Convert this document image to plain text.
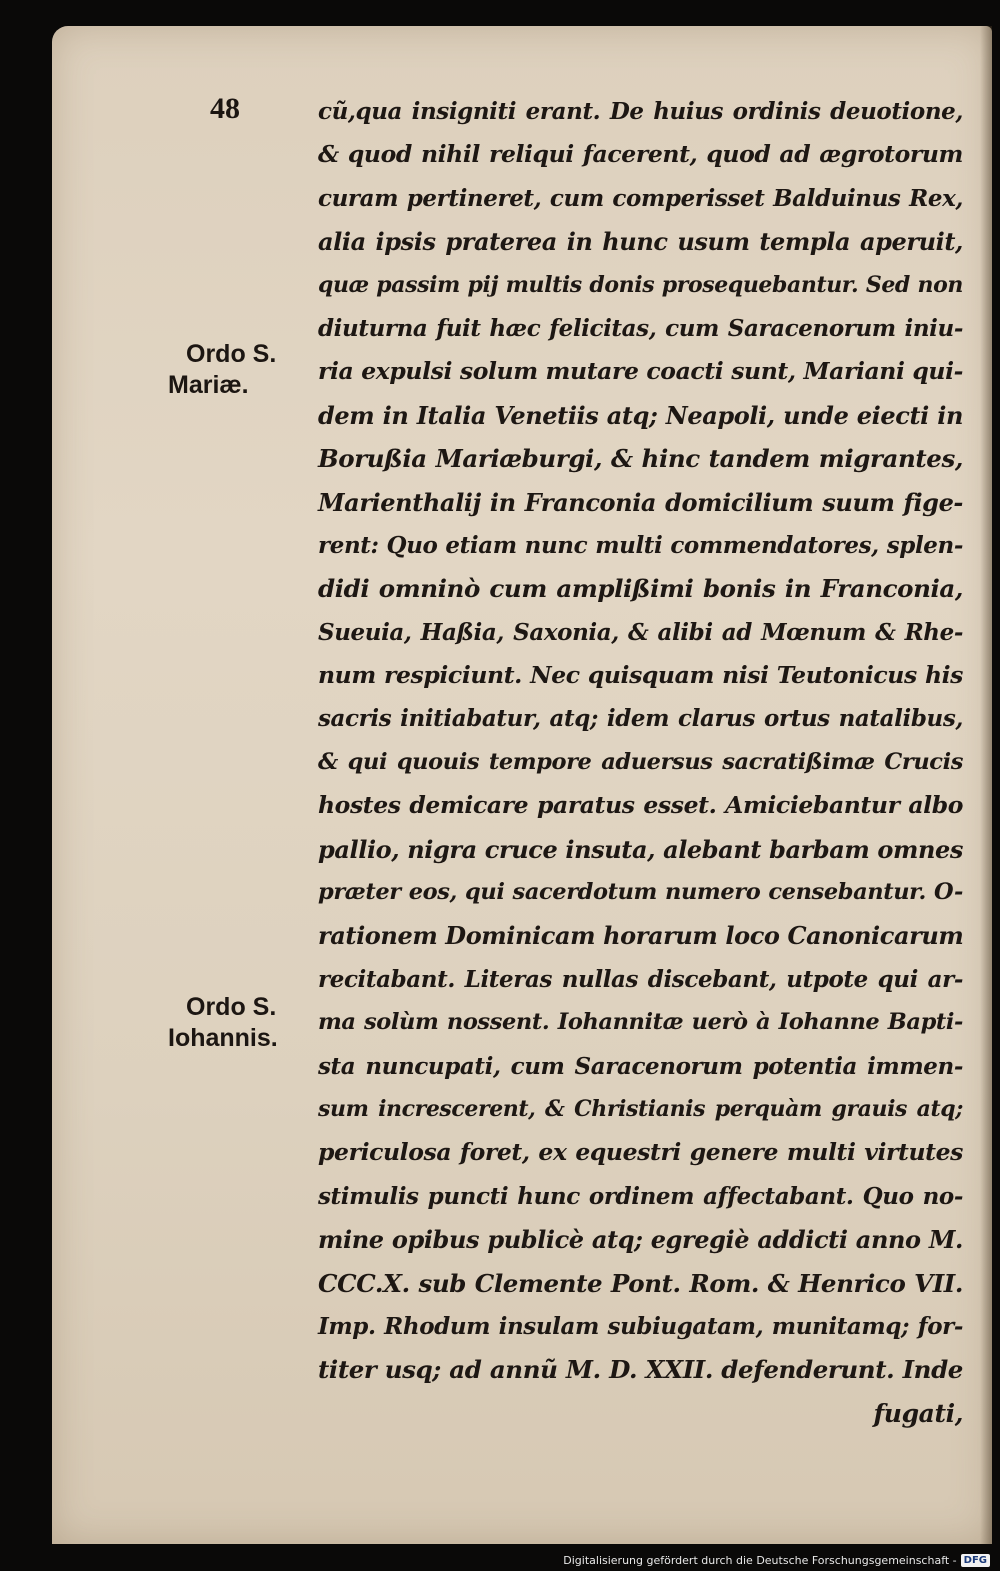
48
Ordo S.
Mariæ.
Ordo S.
Iohannis.
cũ,qua insigniti erant. De huius ordinis deuotione,
& quod nihil reliqui facerent, quod ad ægrotorum
curam pertineret, cum comperisset Balduinus Rex,
alia ipsis praterea in hunc usum templa aperuit,
quæ passim pij multis donis prosequebantur. Sed non
diuturna fuit hæc felicitas, cum Saracenorum iniu-
ria expulsi solum mutare coacti sunt, Mariani qui-
dem in Italia Venetiis atq; Neapoli, unde eiecti in
Borußia Mariæburgi, & hinc tandem migrantes,
Marienthalij in Franconia domicilium suum fige-
rent: Quo etiam nunc multi commendatores, splen-
didi omninò cum amplißimi bonis in Franconia,
Sueuia, Haßia, Saxonia, & alibi ad Mœnum & Rhe-
num respiciunt. Nec quisquam nisi Teutonicus his
sacris initiabatur, atq; idem clarus ortus natalibus,
& qui quouis tempore aduersus sacratißimæ Crucis
hostes demicare paratus esset. Amiciebantur albo
pallio, nigra cruce insuta, alebant barbam omnes
præter eos, qui sacerdotum numero censebantur. O-
rationem Dominicam horarum loco Canonicarum
recitabant. Literas nullas discebant, utpote qui ar-
ma solùm nossent. Iohannitæ uerò à Iohanne Bapti-
sta nuncupati, cum Saracenorum potentia immen-
sum increscerent, & Christianis perquàm grauis atq;
periculosa foret, ex equestri genere multi virtutes
stimulis puncti hunc ordinem affectabant. Quo no-
mine opibus publicè atq; egregiè addicti anno M.
CCC.X. sub Clemente Pont. Rom. & Henrico VII.
Imp. Rhodum insulam subiugatam, munitamq; for-
titer usq; ad annũ M. D. XXII. defenderunt. Inde
fugati,
Digitalisierung gefördert durch die Deutsche Forschungsgemeinschaft - DFG
